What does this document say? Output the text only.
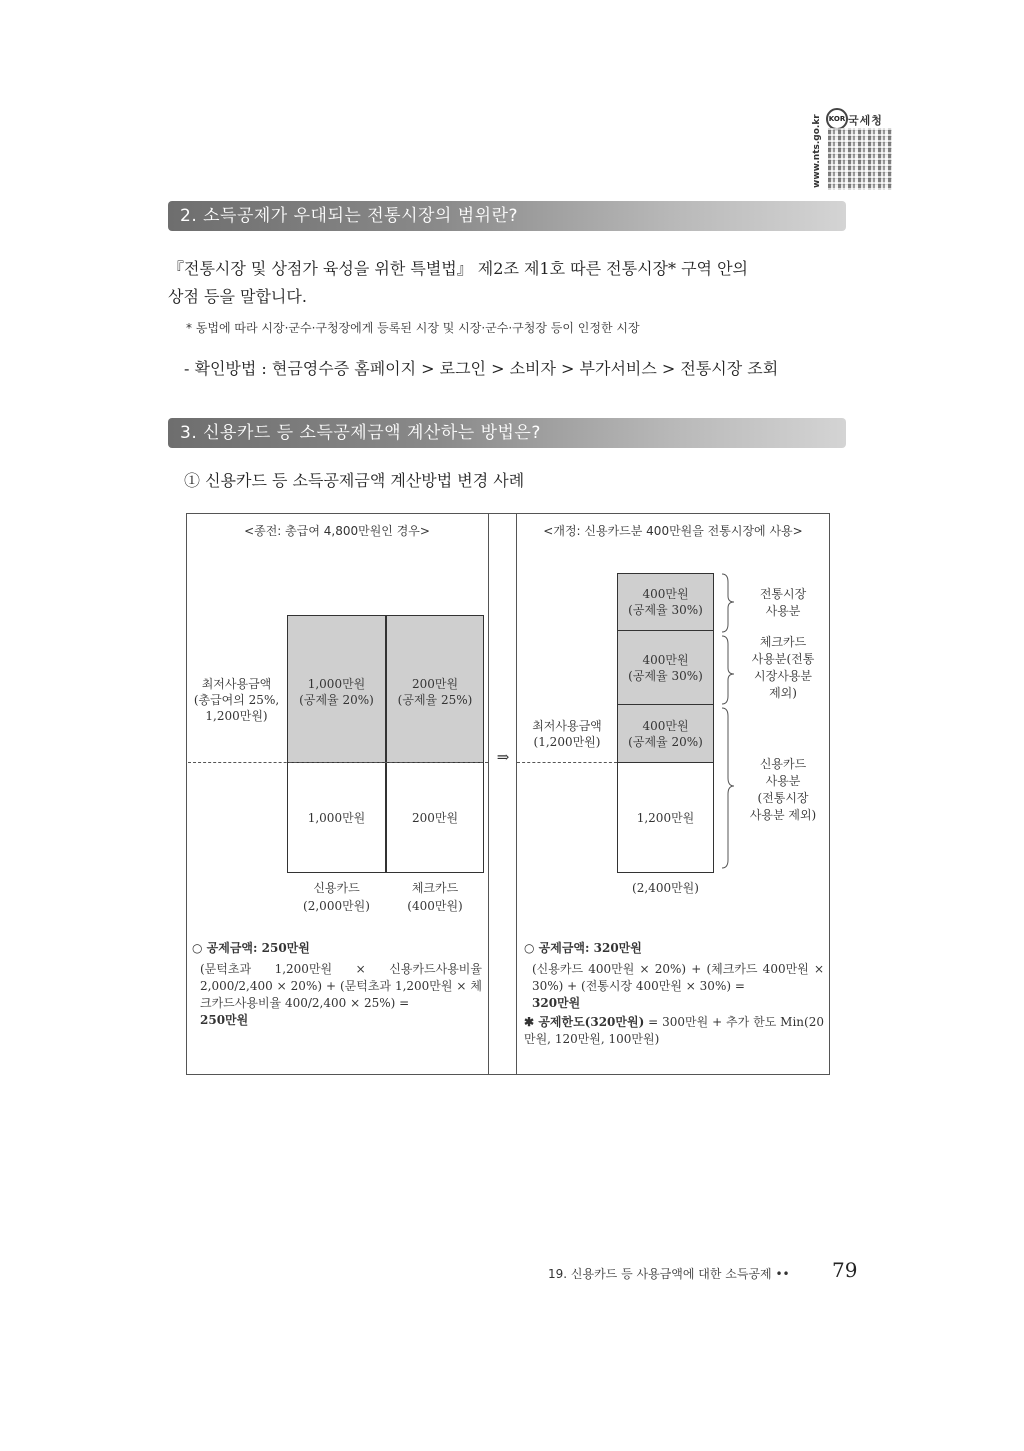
www.nts.go.kr KOR 국세청
2. 소득공제가 우대되는 전통시장의 범위란?
『전통시장 및 상점가 육성을 위한 특별법』 제2조 제1호 따른 전통시장* 구역 안의
상점 등을 말합니다.
* 동법에 따라 시장·군수·구청장에게 등록된 시장 및 시장·군수·구청장 등이 인정한 시장
- 확인방법 : 현금영수증 홈페이지 > 로그인 > 소비자 > 부가서비스 > 전통시장 조회
3. 신용카드 등 소득공제금액 계산하는 방법은?
① 신용카드 등 소득공제금액 계산방법 변경 사례
⇒
<종전: 총급여 4,800만원인 경우>
최저사용금액
(총급여의 25%,
1,200만원)
1,000만원
(공제율 20%)
200만원
(공제율 25%)
1,000만원	200만원
신용카드
(2,000만원)
체크카드
(400만원)
○ 공제금액: 250만원
(문턱초과 1,200만원 × 신용카드사용비율 2,000/2,400 × 20%) + (문턱초과 1,200만원 × 체크카드사용비율 400/2,400 × 25%) =
250만원
<개정: 신용카드분 400만원을 전통시장에 사용>
400만원
(공제율 30%)
400만원
(공제율 30%)
400만원
(공제율 20%)
1,200만원
(2,400만원)
최저사용금액
(1,200만원)
전통시장
사용분
체크카드
사용분(전통
시장사용분
제외)
신용카드
사용분
(전통시장
사용분 제외)
○ 공제금액: 320만원
(신용카드 400만원 × 20%) + (체크카드 400만원 × 30%) + (전통시장 400만원 × 30%) =
320만원
✱ 공제한도(320만원) = 300만원 + 추가 한도 Min(20만원, 120만원, 100만원)
19. 신용카드 등 사용금액에 대한 소득공제 •• 79
